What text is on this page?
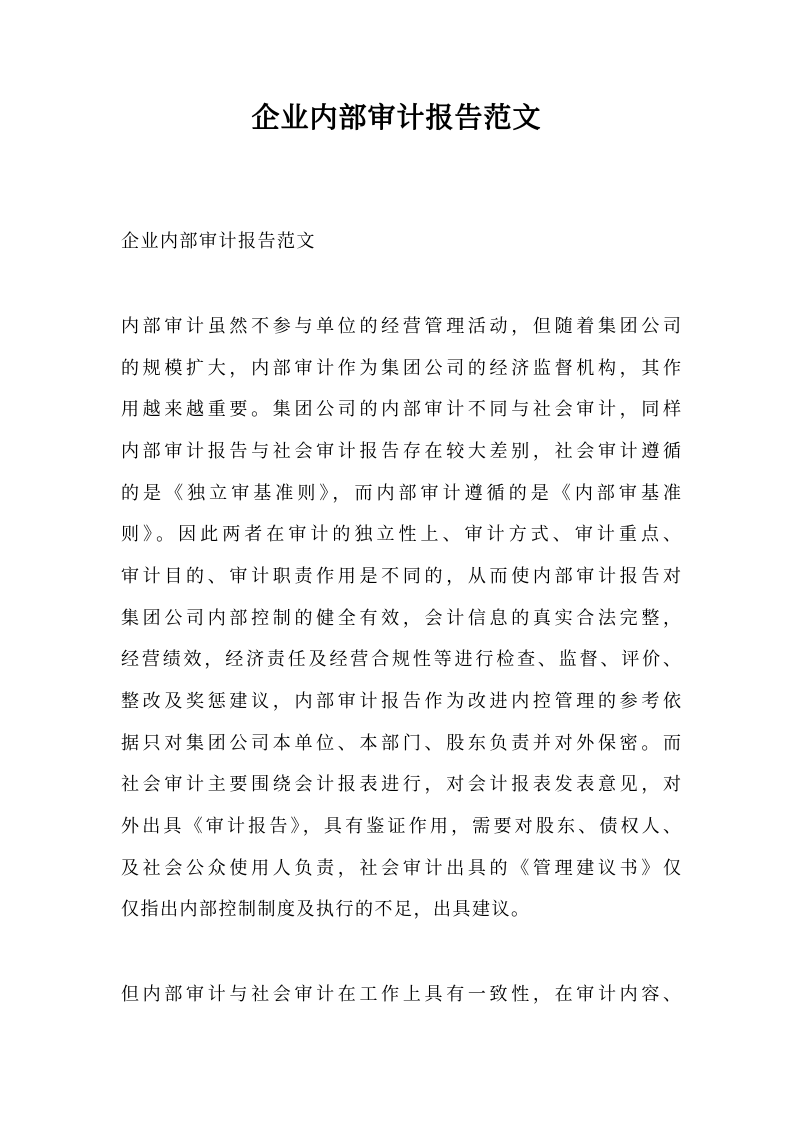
企业内部审计报告范文

企业内部审计报告范文

内部审计虽然不参与单位的经营管理活动，但随着集团公司
的规模扩大，内部审计作为集团公司的经济监督机构，其作
用越来越重要。集团公司的内部审计不同与社会审计，同样
内部审计报告与社会审计报告存在较大差别，社会审计遵循
的是《独立审基准则》，而内部审计遵循的是《内部审基准
则》。因此两者在审计的独立性上、审计方式、审计重点、
审计目的、审计职责作用是不同的，从而使内部审计报告对
集团公司内部控制的健全有效，会计信息的真实合法完整，
经营绩效，经济责任及经营合规性等进行检查、监督、评价、
整改及奖惩建议，内部审计报告作为改进内控管理的参考依
据只对集团公司本单位、本部门、股东负责并对外保密。而
社会审计主要围绕会计报表进行，对会计报表发表意见，对
外出具《审计报告》，具有鉴证作用，需要对股东、债权人、
及社会公众使用人负责，社会审计出具的《管理建议书》仅
仅指出内部控制制度及执行的不足，出具建议。
但内部审计与社会审计在工作上具有一致性，在审计内容、
